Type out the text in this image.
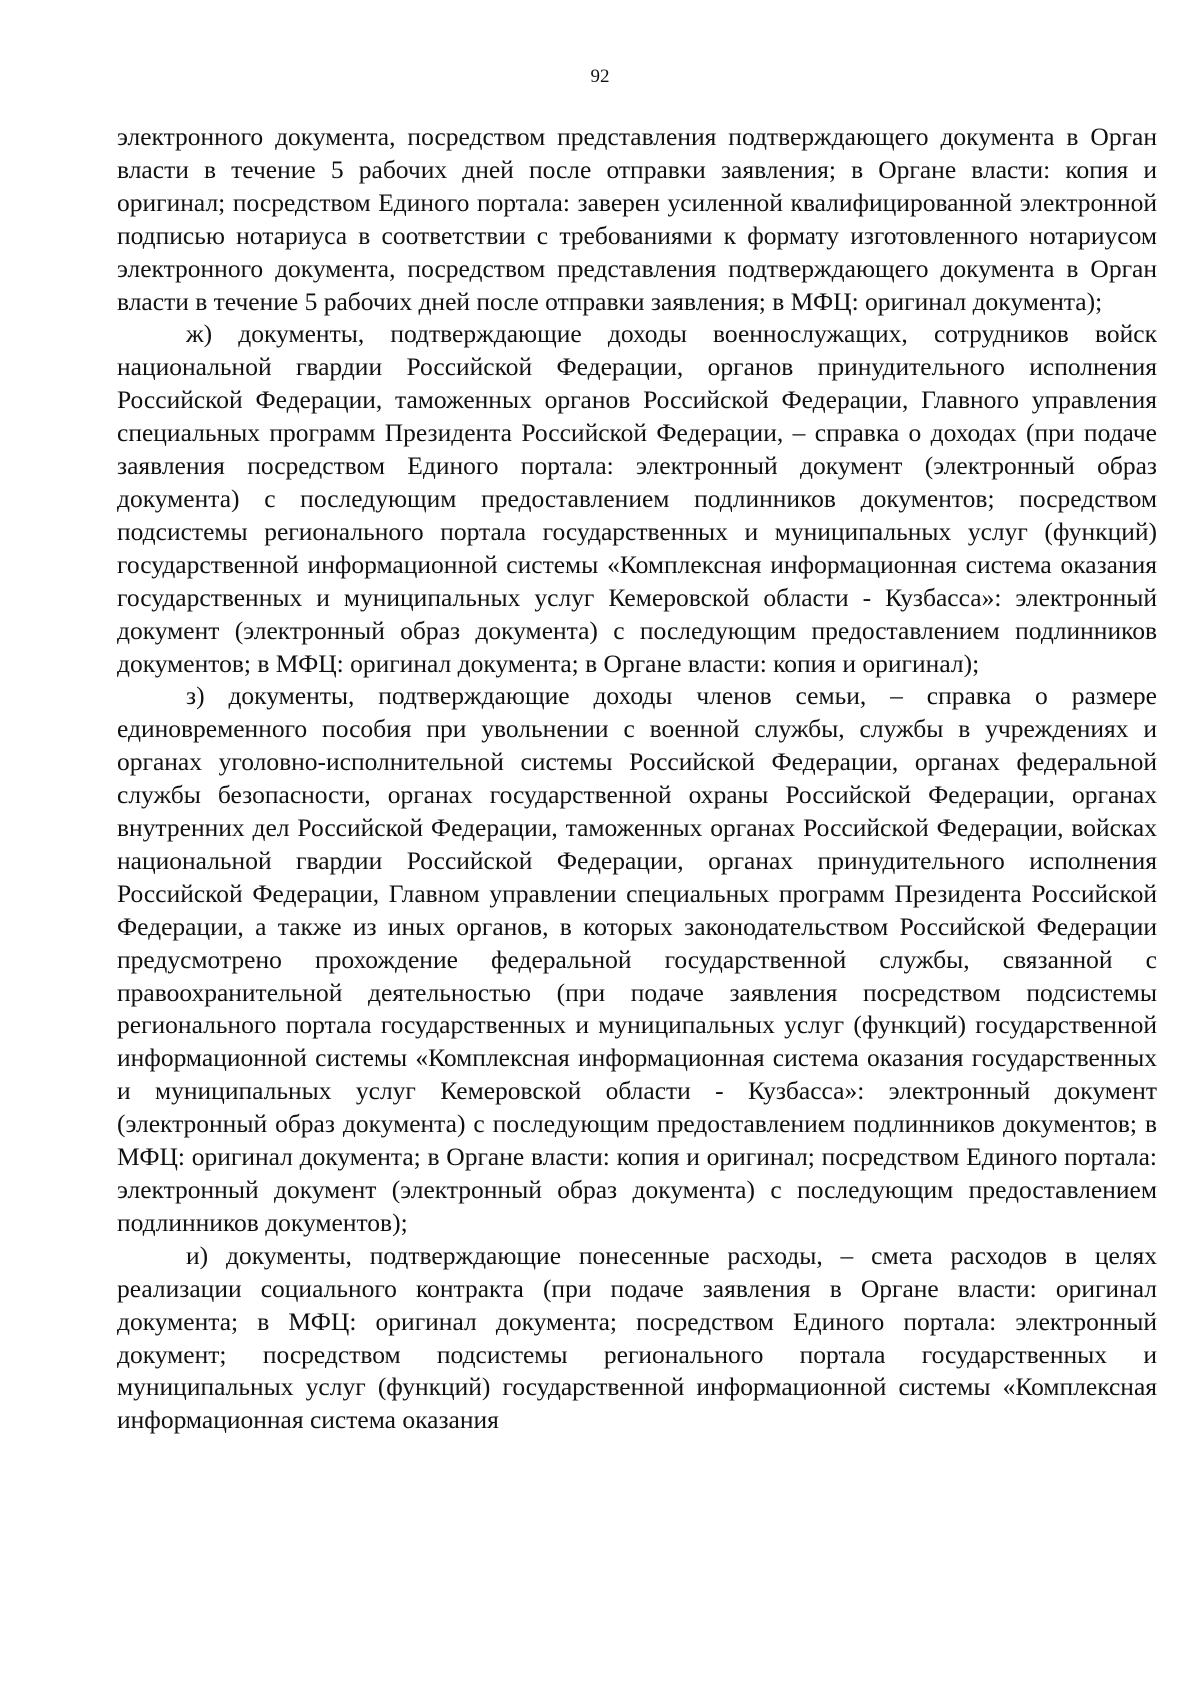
92

электронного документа, посредством представления подтверждающего документа в Орган власти в течение 5 рабочих дней после отправки заявления; в Органе власти: копия и оригинал; посредством Единого портала: заверен усиленной квалифицированной электронной подписью нотариуса в соответствии с требованиями к формату изготовленного нотариусом электронного документа, посредством представления подтверждающего документа в Орган власти в течение 5 рабочих дней после отправки заявления; в МФЦ: оригинал документа);

ж) документы, подтверждающие доходы военнослужащих, сотрудников войск национальной гвардии Российской Федерации, органов принудительного исполнения Российской Федерации, таможенных органов Российской Федерации, Главного управления специальных программ Президента Российской Федерации, – справка о доходах (при подаче заявления посредством Единого портала: электронный документ (электронный образ документа) с последующим предоставлением подлинников документов; посредством подсистемы регионального портала государственных и муниципальных услуг (функций) государственной информационной системы «Комплексная информационная система оказания государственных и муниципальных услуг Кемеровской области - Кузбасса»: электронный документ (электронный образ документа) с последующим предоставлением подлинников документов; в МФЦ: оригинал документа; в Органе власти: копия и оригинал);

з) документы, подтверждающие доходы членов семьи, – справка о размере единовременного пособия при увольнении с военной службы, службы в учреждениях и органах уголовно-исполнительной системы Российской Федерации, органах федеральной службы безопасности, органах государственной охраны Российской Федерации, органах внутренних дел Российской Федерации, таможенных органах Российской Федерации, войсках национальной гвардии Российской Федерации, органах принудительного исполнения Российской Федерации, Главном управлении специальных программ Президента Российской Федерации, а также из иных органов, в которых законодательством Российской Федерации предусмотрено прохождение федеральной государственной службы, связанной с правоохранительной деятельностью (при подаче заявления посредством подсистемы регионального портала государственных и муниципальных услуг (функций) государственной информационной системы «Комплексная информационная система оказания государственных и муниципальных услуг Кемеровской области - Кузбасса»: электронный документ (электронный образ документа) с последующим предоставлением подлинников документов; в МФЦ: оригинал документа; в Органе власти: копия и оригинал; посредством Единого портала: электронный документ (электронный образ документа) с последующим предоставлением подлинников документов);

и) документы, подтверждающие понесенные расходы, – смета расходов в целях реализации социального контракта (при подаче заявления в Органе власти: оригинал документа; в МФЦ: оригинал документа; посредством Единого портала: электронный документ; посредством подсистемы регионального портала государственных и муниципальных услуг (функций) государственной информационной системы «Комплексная информационная система оказания
